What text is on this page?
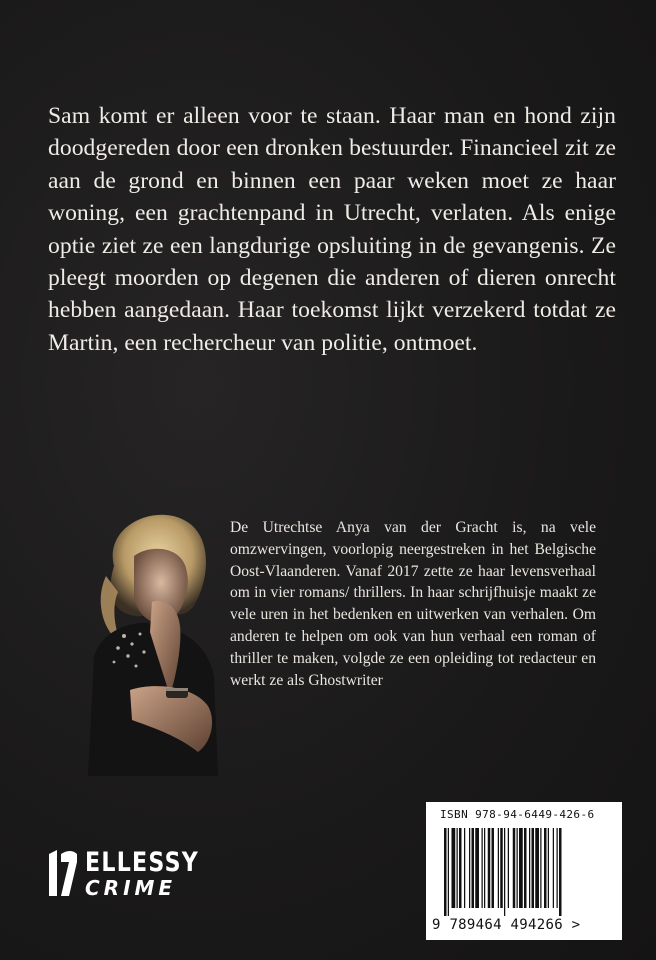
Sam komt er alleen voor te staan. Haar man en hond zijn doodgereden door een dronken bestuurder. Financieel zit ze aan de grond en binnen een paar weken moet ze haar woning, een grachtenpand in Utrecht, verlaten. Als enige optie ziet ze een langdurige opsluiting in de gevangenis. Ze pleegt moorden op degenen die anderen of dieren onrecht hebben aangedaan. Haar toekomst lijkt verzekerd totdat ze Martin, een rechercheur van politie, ontmoet.

De Utrechtse Anya van der Gracht is, na vele omzwervingen, voorlopig neergestreken in het Belgische Oost-Vlaanderen. Vanaf 2017 zette ze haar levensverhaal om in vier romans/ thrillers. In haar schrijfhuisje maakt ze vele uren in het bedenken en uitwerken van verhalen. Om anderen te helpen om ook van hun verhaal een roman of thriller te maken, volgde ze een opleiding tot redacteur en werkt ze als Ghostwriter

ELLESSY
CRIME
ISBN 978-94-6449-426-6
9 789464 494266 >
